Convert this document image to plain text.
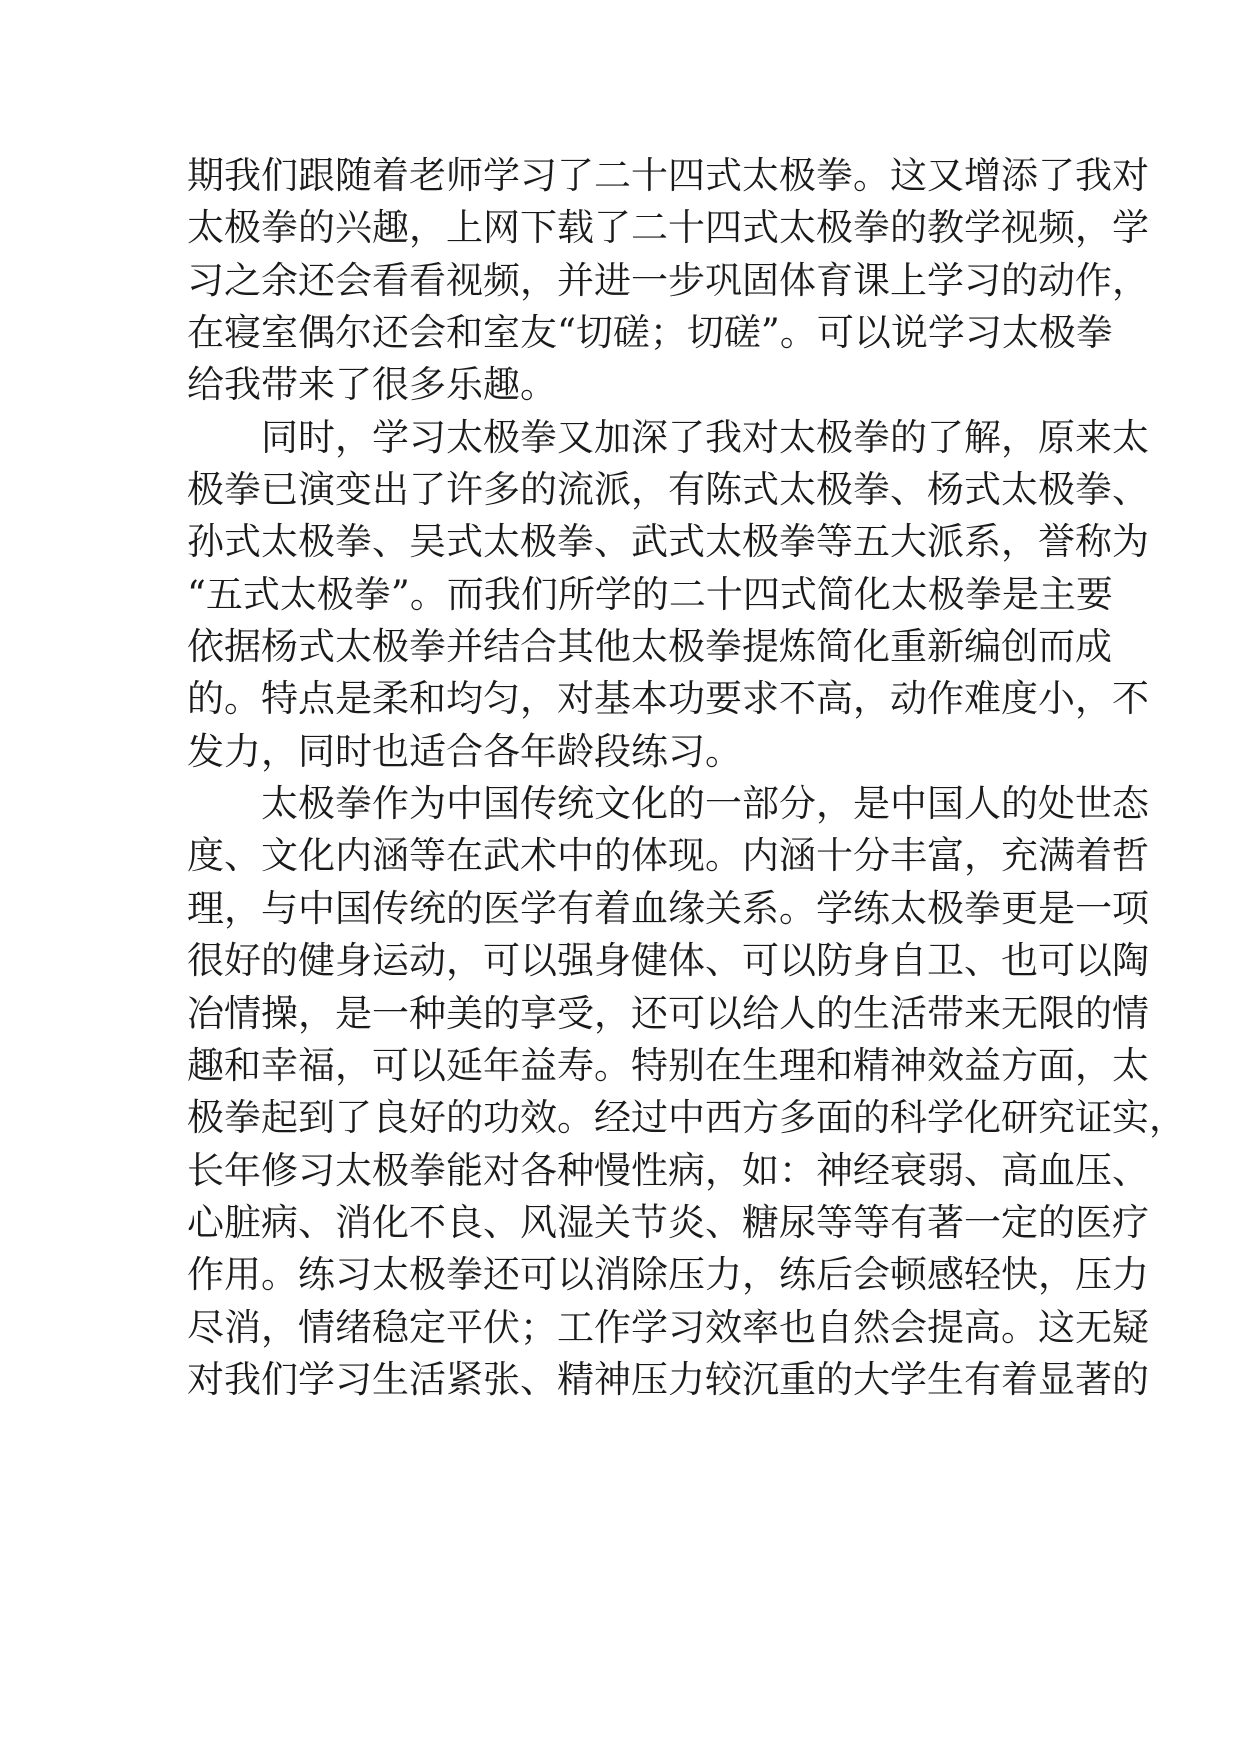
期我们跟随着老师学习了二十四式太极拳。这又增添了我对
太极拳的兴趣，上网下载了二十四式太极拳的教学视频，学
习之余还会看看视频，并进一步巩固体育课上学习的动作，
在寝室偶尔还会和室友“切磋；切磋”。可以说学习太极拳
给我带来了很多乐趣。
同时，学习太极拳又加深了我对太极拳的了解，原来太
极拳已演变出了许多的流派，有陈式太极拳、杨式太极拳、
孙式太极拳、吴式太极拳、武式太极拳等五大派系，誉称为
“五式太极拳”。而我们所学的二十四式简化太极拳是主要
依据杨式太极拳并结合其他太极拳提炼简化重新编创而成
的。特点是柔和均匀，对基本功要求不高，动作难度小，不
发力，同时也适合各年龄段练习。
太极拳作为中国传统文化的一部分，是中国人的处世态
度、文化内涵等在武术中的体现。内涵十分丰富，充满着哲
理，与中国传统的医学有着血缘关系。学练太极拳更是一项
很好的健身运动，可以强身健体、可以防身自卫、也可以陶
冶情操，是一种美的享受，还可以给人的生活带来无限的情
趣和幸福，可以延年益寿。特别在生理和精神效益方面，太
极拳起到了良好的功效。经过中西方多面的科学化研究证实，
长年修习太极拳能对各种慢性病，如：神经衰弱、高血压、
心脏病、消化不良、风湿关节炎、糖尿等等有著一定的医疗
作用。练习太极拳还可以消除压力，练后会顿感轻快，压力
尽消，情绪稳定平伏；工作学习效率也自然会提高。这无疑
对我们学习生活紧张、精神压力较沉重的大学生有着显著的
